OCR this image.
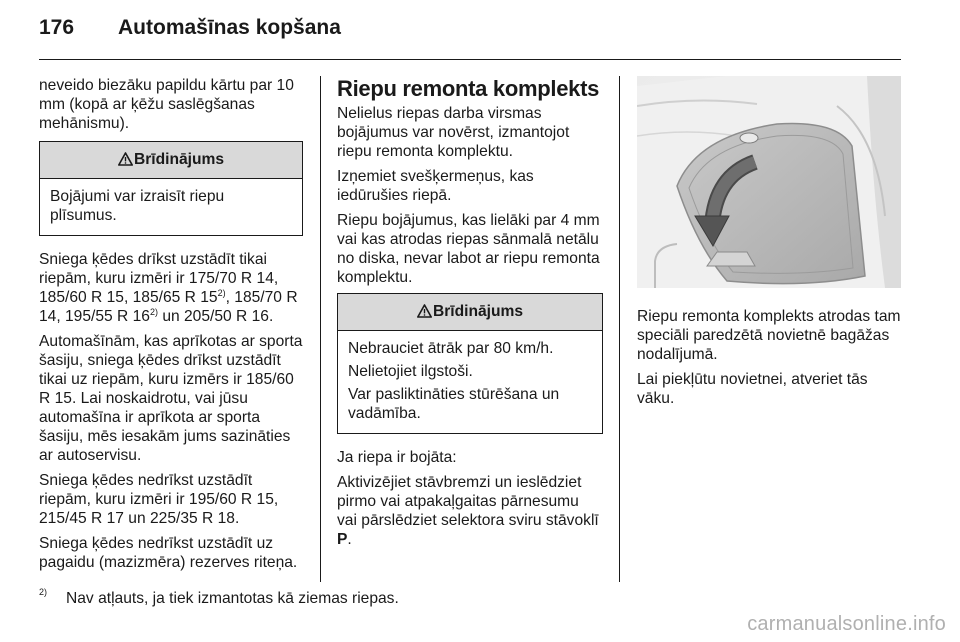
176 Automašīnas kopšana

neveido biezāku papildu kārtu par 10 mm (kopā ar ķēžu saslēgšanas mehānismu).

Brīdinājums

Bojājumi var izraisīt riepu plīsumus.

Sniega ķēdes drīkst uzstādīt tikai riepām, kuru izmēri ir 175/70 R 14, 185/60 R 15, 185/65 R 15$^{2)}$, 185/70 R 14, 195/55 R 16$^{2)}$ un 205/50 R 16.

Automašīnām, kas aprīkotas ar sporta šasiju, sniega ķēdes drīkst uzstādīt tikai uz riepām, kuru izmērs ir 185/60 R 15. Lai noskaidrotu, vai jūsu automašīna ir aprīkota ar sporta šasiju, mēs iesakām jums sazināties ar autoservisu.

Sniega ķēdes nedrīkst uzstādīt riepām, kuru izmēri ir 195/60 R 15, 215/45 R 17 un 225/35 R 18.

Sniega ķēdes nedrīkst uzstādīt uz pagaidu (mazizmēra) rezerves riteņa.

Riepu remonta komplekts

Nelielus riepas darba virsmas bojājumus var novērst, izmantojot riepu remonta komplektu.

Izņemiet svešķermeņus, kas iedūrušies riepā.

Riepu bojājumus, kas lielāki par 4 mm vai kas atrodas riepas sānmalā netālu no diska, nevar labot ar riepu remonta komplektu.

Brīdinājums

Nebrauciet ātrāk par 80 km/h.

Nelietojiet ilgstoši.

Var pasliktināties stūrēšana un vadāmība.

Ja riepa ir bojāta:

Aktivizējiet stāvbremzi un ieslēdziet pirmo vai atpakaļgaitas pārnesumu vai pārslēdziet selektora sviru stāvoklī P.

Riepu remonta komplekts atrodas tam speciāli paredzētā novietnē bagāžas nodalījumā.

Lai piekļūtu novietnei, atveriet tās vāku.

2) Nav atļauts, ja tiek izmantotas kā ziemas riepas.
carmanualsonline.info
